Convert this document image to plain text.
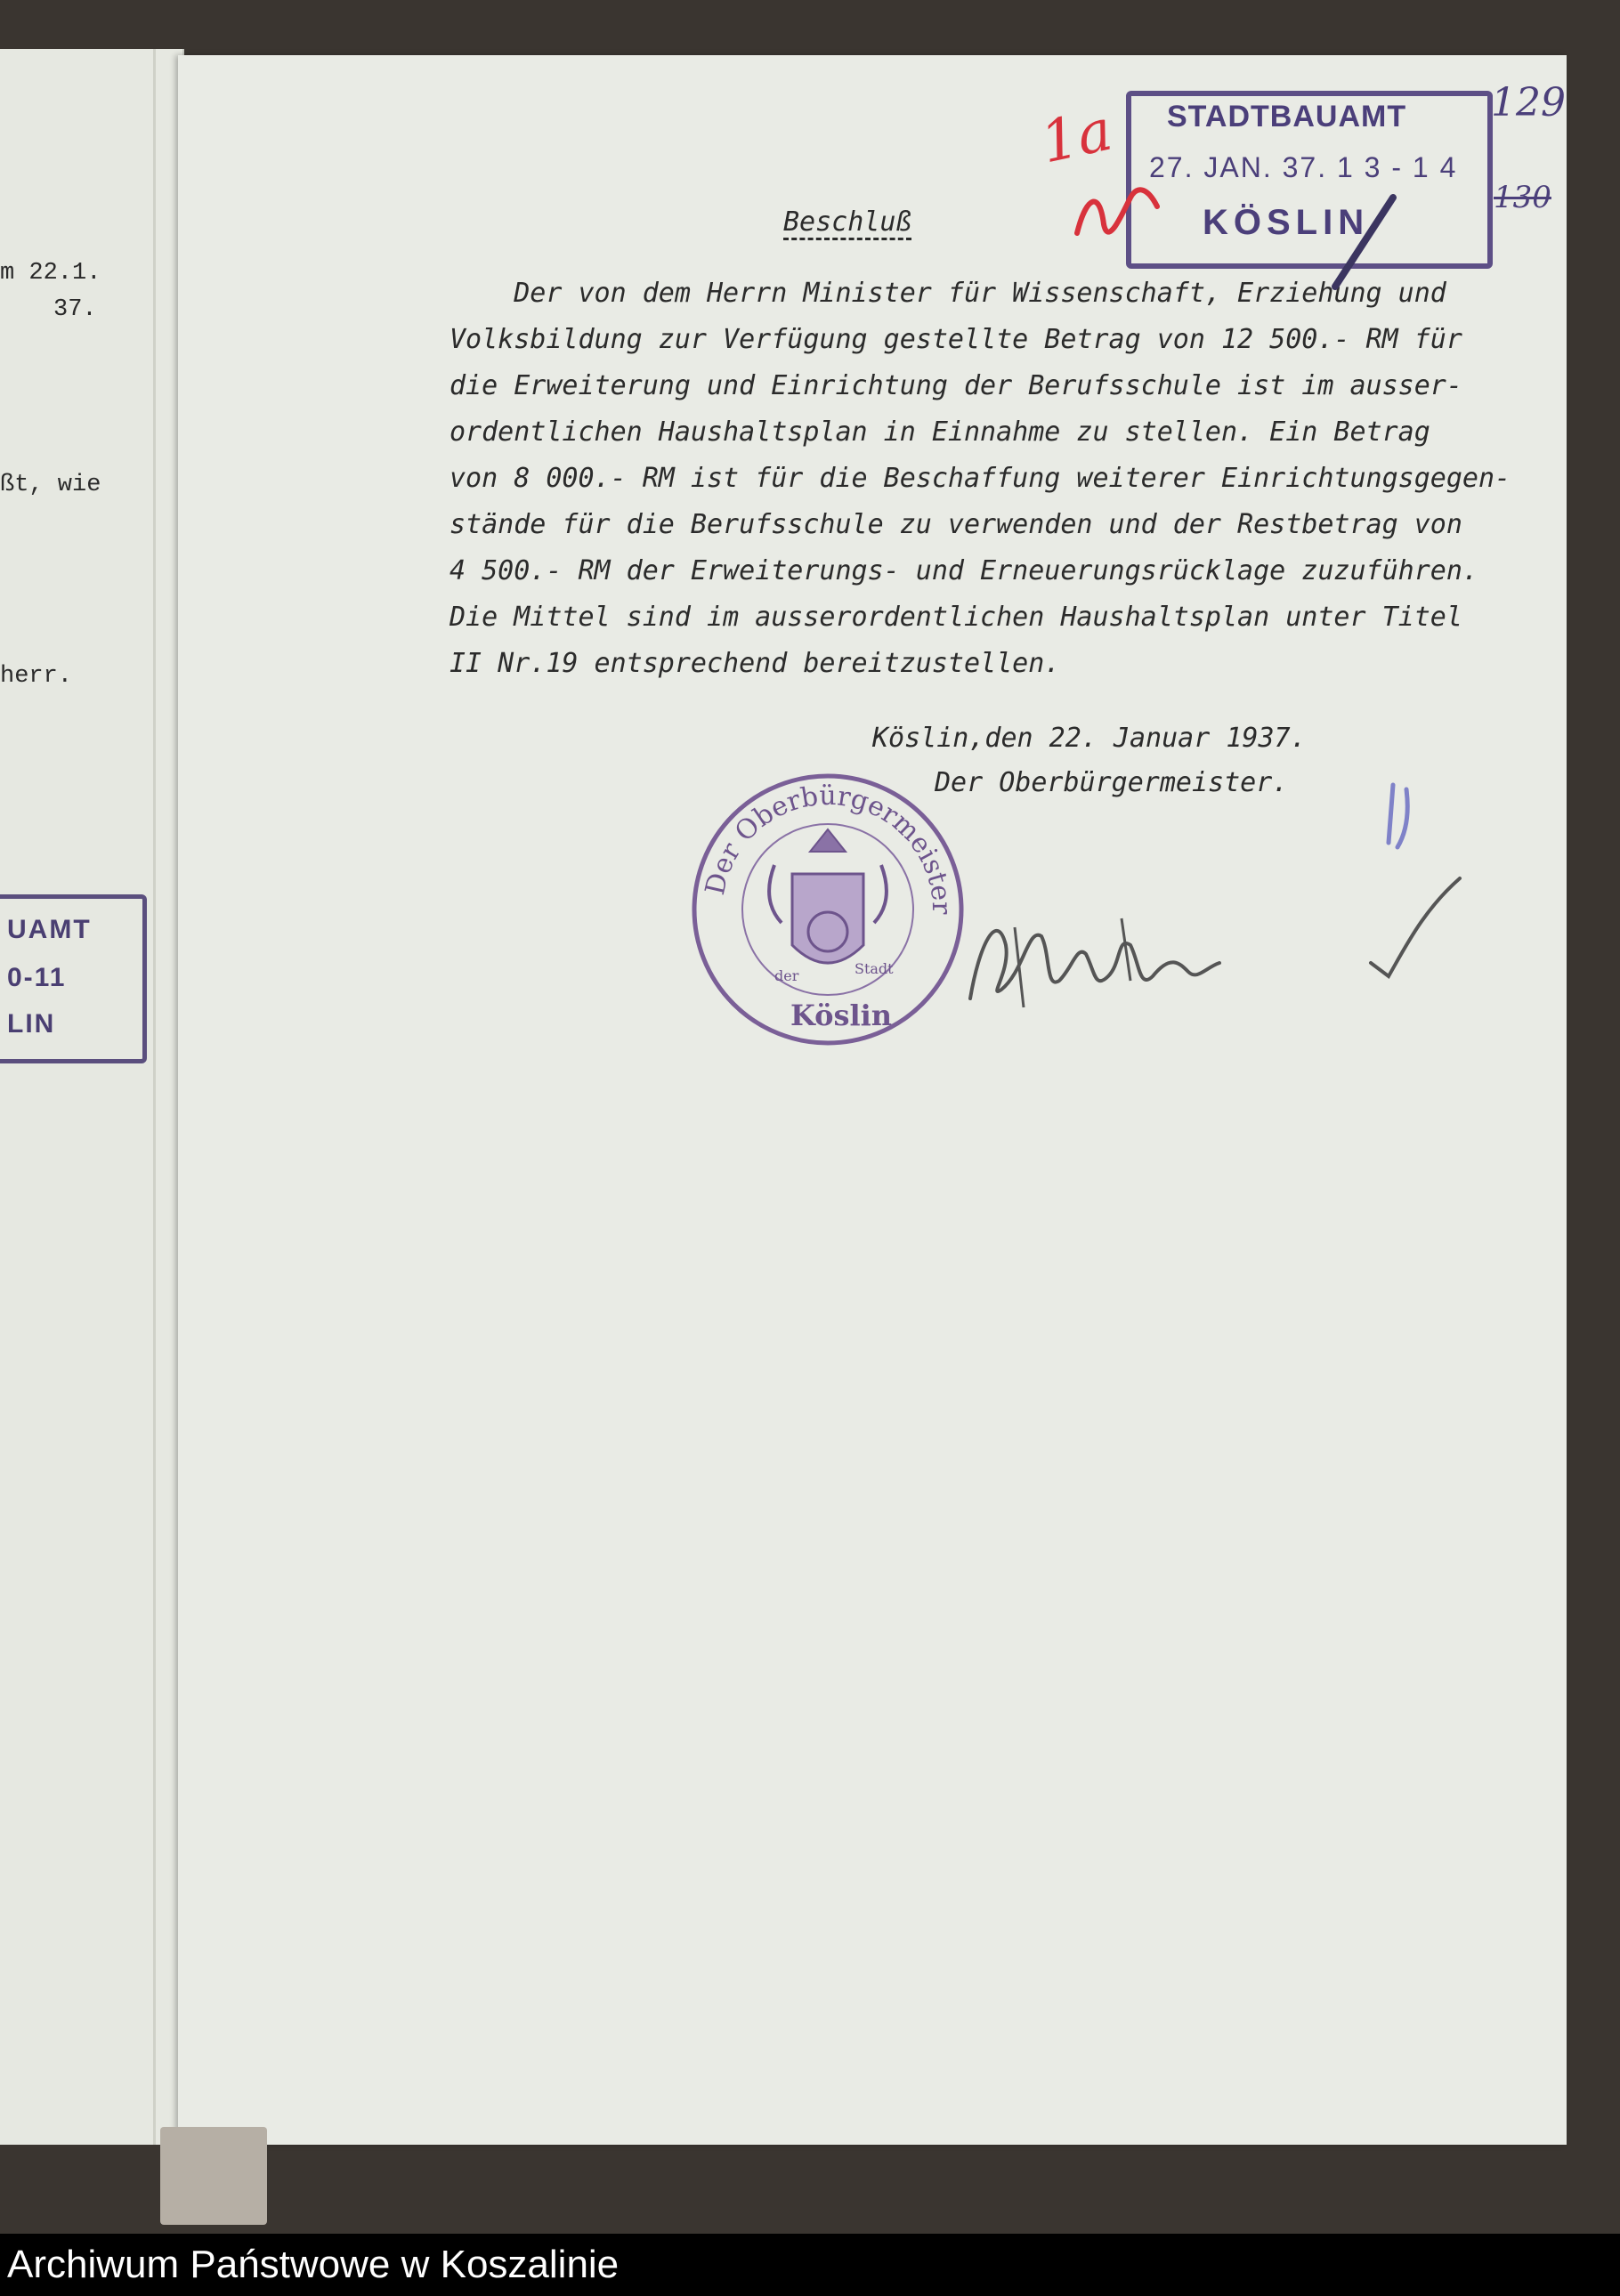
m 22.1.
37.
ßt, wie
herr.
UAMT
0-11
LIN
Beschluß
Der von dem Herrn Minister für Wissenschaft, Erziehung und
Volksbildung zur Verfügung gestellte Betrag von 12 500.- RM für
die Erweiterung und Einrichtung der Berufsschule ist im ausser-
ordentlichen Haushaltsplan in Einnahme zu stellen. Ein Betrag
von 8 000.- RM ist für die Beschaffung weiterer Einrichtungsgegen-
stände für die Berufsschule zu verwenden und der Restbetrag von
4 500.- RM der Erweiterungs- und Erneuerungsrücklage zuzuführen.
Die Mittel sind im ausserordentlichen Haushaltsplan unter Titel
II Nr.19 entsprechend bereitzustellen.
Köslin,den 22. Januar 1937.
Der Oberbürgermeister.
STADTBAUAMT
27. JAN. 37. 1 3 - 1 4
KÖSLIN
129
130
1a
Der Oberbürgermeister
der	Stadt
Köslin
Archiwum Państwowe w Koszalinie
